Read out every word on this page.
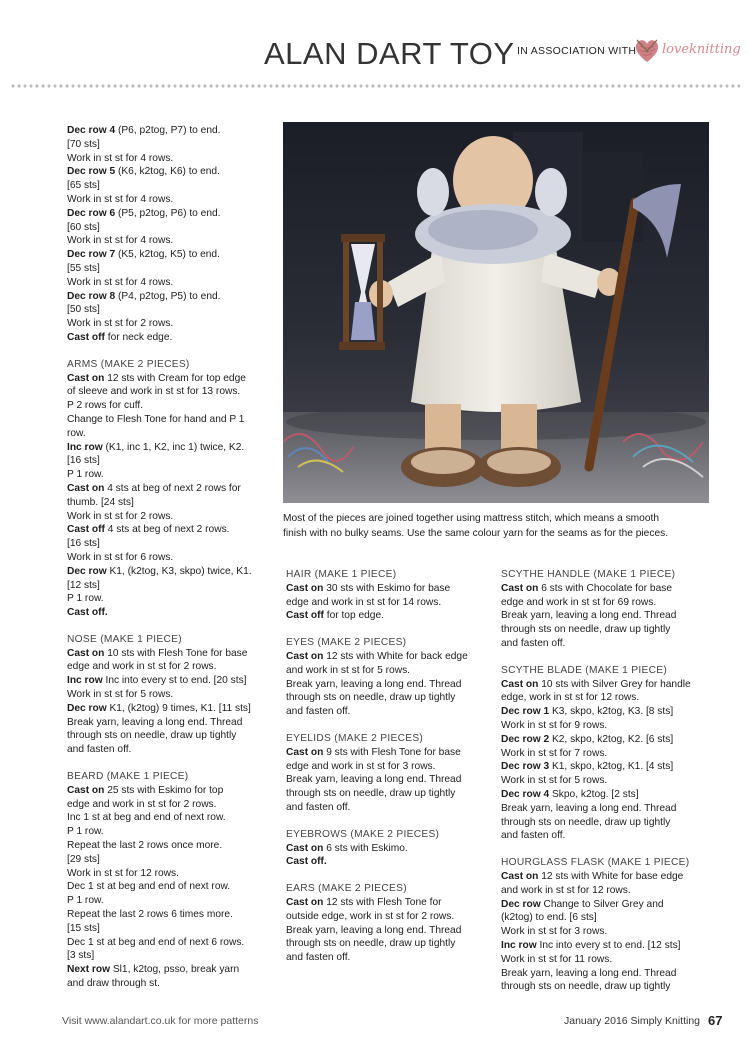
ALAN DART TOY IN ASSOCIATION WITH loveknitting
Dec row 4 (P6, p2tog, P7) to end.
[70 sts]
Work in st st for 4 rows.
Dec row 5 (K6, k2tog, K6) to end.
[65 sts]
Work in st st for 4 rows.
Dec row 6 (P5, p2tog, P6) to end.
[60 sts]
Work in st st for 4 rows.
Dec row 7 (K5, k2tog, K5) to end.
[55 sts]
Work in st st for 4 rows.
Dec row 8 (P4, p2tog, P5) to end.
[50 sts]
Work in st st for 2 rows.
Cast off for neck edge.
ARMS (MAKE 2 PIECES)
Cast on 12 sts with Cream for top edge
of sleeve and work in st st for 13 rows.
P 2 rows for cuff.
Change to Flesh Tone for hand and P 1
row.
Inc row (K1, inc 1, K2, inc 1) twice, K2.
[16 sts]
P 1 row.
Cast on 4 sts at beg of next 2 rows for
thumb. [24 sts]
Work in st st for 2 rows.
Cast off 4 sts at beg of next 2 rows.
[16 sts]
Work in st st for 6 rows.
Dec row K1, (k2tog, K3, skpo) twice, K1.
[12 sts]
P 1 row.
Cast off.
NOSE (MAKE 1 PIECE)
Cast on 10 sts with Flesh Tone for base
edge and work in st st for 2 rows.
Inc row Inc into every st to end. [20 sts]
Work in st st for 5 rows.
Dec row K1, (k2tog) 9 times, K1. [11 sts]
Break yarn, leaving a long end. Thread
through sts on needle, draw up tightly
and fasten off.
BEARD (MAKE 1 PIECE)
Cast on 25 sts with Eskimo for top
edge and work in st st for 2 rows.
Inc 1 st at beg and end of next row.
P 1 row.
Repeat the last 2 rows once more.
[29 sts]
Work in st st for 12 rows.
Dec 1 st at beg and end of next row.
P 1 row.
Repeat the last 2 rows 6 times more.
[15 sts]
Dec 1 st at beg and end of next 6 rows.
[3 sts]
Next row Sl1, k2tog, psso, break yarn
and draw through st.
Most of the pieces are joined together using mattress stitch, which means a smooth
finish with no bulky seams. Use the same colour yarn for the seams as for the pieces.
HAIR (MAKE 1 PIECE)
Cast on 30 sts with Eskimo for base
edge and work in st st for 14 rows.
Cast off for top edge.
EYES (MAKE 2 PIECES)
Cast on 12 sts with White for back edge
and work in st st for 5 rows.
Break yarn, leaving a long end. Thread
through sts on needle, draw up tightly
and fasten off.
EYELIDS (MAKE 2 PIECES)
Cast on 9 sts with Flesh Tone for base
edge and work in st st for 3 rows.
Break yarn, leaving a long end. Thread
through sts on needle, draw up tightly
and fasten off.
EYEBROWS (MAKE 2 PIECES)
Cast on 6 sts with Eskimo.
Cast off.
EARS (MAKE 2 PIECES)
Cast on 12 sts with Flesh Tone for
outside edge, work in st st for 2 rows.
Break yarn, leaving a long end. Thread
through sts on needle, draw up tightly
and fasten off.
SCYTHE HANDLE (MAKE 1 PIECE)
Cast on 6 sts with Chocolate for base
edge and work in st st for 69 rows.
Break yarn, leaving a long end. Thread
through sts on needle, draw up tightly
and fasten off.
SCYTHE BLADE (MAKE 1 PIECE)
Cast on 10 sts with Silver Grey for handle
edge, work in st st for 12 rows.
Dec row 1 K3, skpo, k2tog, K3. [8 sts]
Work in st st for 9 rows.
Dec row 2 K2, skpo, k2tog, K2. [6 sts]
Work in st st for 7 rows.
Dec row 3 K1, skpo, k2tog, K1. [4 sts]
Work in st st for 5 rows.
Dec row 4 Skpo, k2tog. [2 sts]
Break yarn, leaving a long end. Thread
through sts on needle, draw up tightly
and fasten off.
HOURGLASS FLASK (MAKE 1 PIECE)
Cast on 12 sts with White for base edge
and work in st st for 12 rows.
Dec row Change to Silver Grey and
(k2tog) to end. [6 sts]
Work in st st for 3 rows.
Inc row Inc into every st to end. [12 sts]
Work in st st for 11 rows.
Break yarn, leaving a long end. Thread
through sts on needle, draw up tightly
Visit www.alandart.co.uk for more patterns	January 2016 Simply Knitting 67
